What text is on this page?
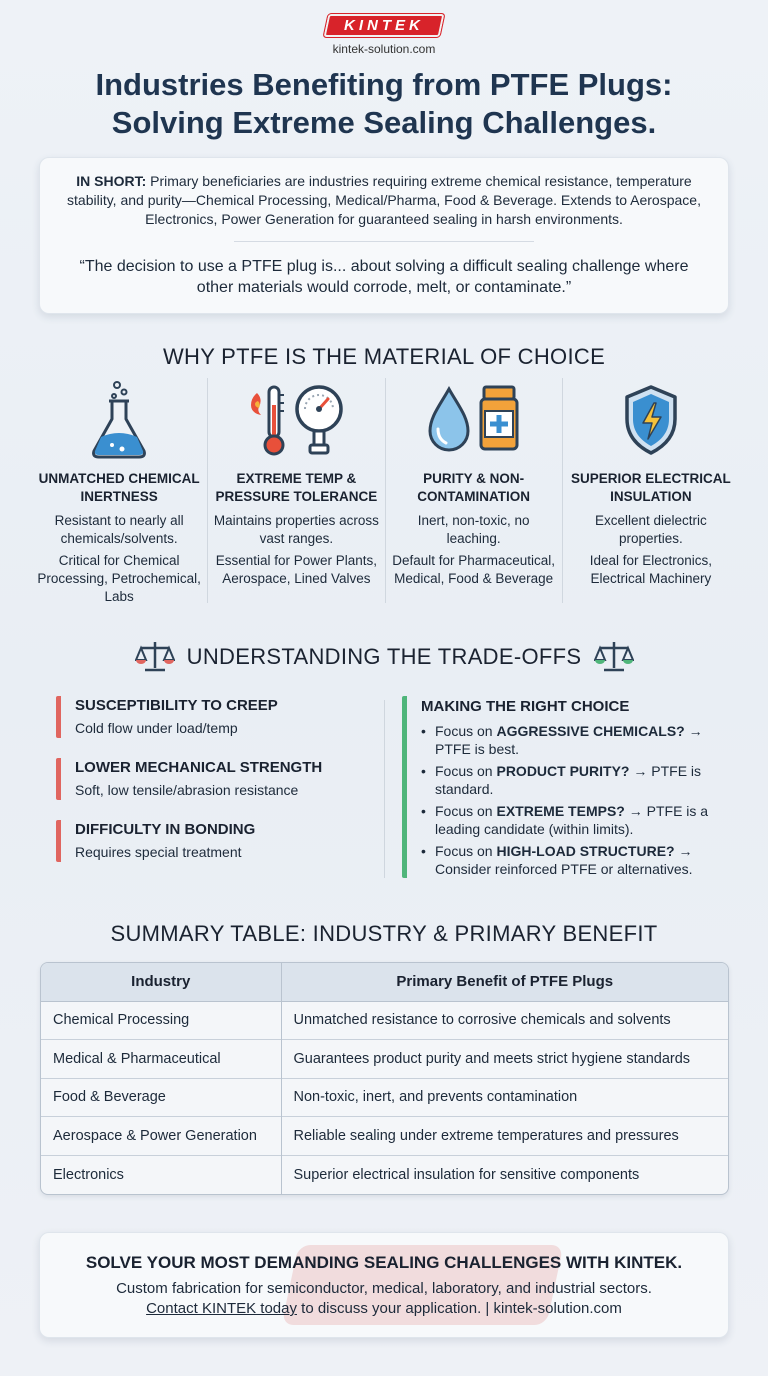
KINTEK
kintek-solution.com
Industries Benefiting from PTFE Plugs:
Solving Extreme Sealing Challenges.

IN SHORT: Primary beneficiaries are industries requiring extreme chemical resistance, temperature stability, and purity—Chemical Processing, Medical/Pharma, Food & Beverage. Extends to Aerospace, Electronics, Power Generation for guaranteed sealing in harsh environments.

“The decision to use a PTFE plug is... about solving a difficult sealing challenge where other materials would corrode, melt, or contaminate.”

WHY PTFE IS THE MATERIAL OF CHOICE
UNMATCHED CHEMICAL INERTNESS

Resistant to nearly all chemicals/solvents.

Critical for Chemical Processing, Petrochemical, Labs

EXTREME TEMP & PRESSURE TOLERANCE

Maintains properties across vast ranges.

Essential for Power Plants, Aerospace, Lined Valves

PURITY & NON-CONTAMINATION

Inert, non-toxic, no leaching.

Default for Pharmaceutical, Medical, Food & Beverage

SUPERIOR ELECTRICAL INSULATION

Excellent dielectric properties.

Ideal for Electronics, Electrical Machinery

UNDERSTANDING THE TRADE-OFFS
SUSCEPTIBILITY TO CREEP

Cold flow under load/temp

LOWER MECHANICAL STRENGTH

Soft, low tensile/abrasion resistance

DIFFICULTY IN BONDING

Requires special treatment

MAKING THE RIGHT CHOICE
• Focus on AGGRESSIVE CHEMICALS? → PTFE is best.
• Focus on PRODUCT PURITY? → PTFE is standard.
• Focus on EXTREME TEMPS? → PTFE is a leading candidate (within limits).
• Focus on HIGH-LOAD STRUCTURE? → Consider reinforced PTFE or alternatives.
SUMMARY TABLE: INDUSTRY & PRIMARY BENEFIT
Industry	Primary Benefit of PTFE Plugs
Chemical Processing	Unmatched resistance to corrosive chemicals and solvents
Medical & Pharmaceutical	Guarantees product purity and meets strict hygiene standards
Food & Beverage	Non-toxic, inert, and prevents contamination
Aerospace & Power Generation	Reliable sealing under extreme temperatures and pressures
Electronics	Superior electrical insulation for sensitive components
SOLVE YOUR MOST DEMANDING SEALING CHALLENGES WITH KINTEK.

Custom fabrication for semiconductor, medical, laboratory, and industrial sectors.

Contact KINTEK today to discuss your application. | kintek-solution.com
